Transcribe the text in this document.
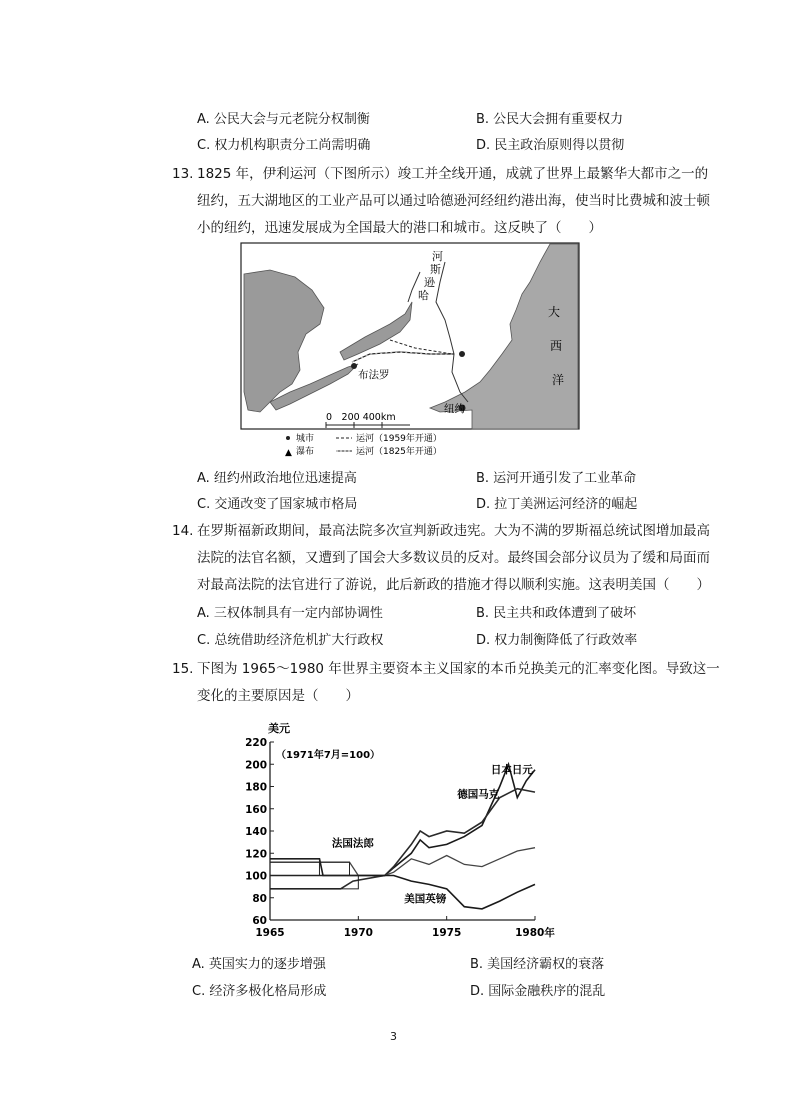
A. 公民大会与元老院分权制衡	B. 公民大会拥有重要权力
C. 权力机构职责分工尚需明确	D. 民主政治原则得以贯彻
13. 1825 年，伊利运河（下图所示）竣工并全线开通，成就了世界上最繁华大都市之一的
纽约，五大湖地区的工业产品可以通过哈德逊河经纽约港出海，使当时比费城和波士顿
小的纽约，迅速发展成为全国最大的港口和城市。这反映了（　　）
河
斯
逊
哈
大
西
洋
布法罗
纽约
0　200 400km
城市
▲ 瀑布
运河（1959年开通）
运河（1825年开通）
A. 纽约州政治地位迅速提高	B. 运河开通引发了工业革命
C. 交通改变了国家城市格局	D. 拉丁美洲运河经济的崛起
14. 在罗斯福新政期间，最高法院多次宣判新政违宪。大为不满的罗斯福总统试图增加最高
法院的法官名额，又遭到了国会大多数议员的反对。最终国会部分议员为了缓和局面而
对最高法院的法官进行了游说，此后新政的措施才得以顺利实施。这表明美国（　　）
A. 三权体制具有一定内部协调性	B. 民主共和政体遭到了破坏
C. 总统借助经济危机扩大行政权	D. 权力制衡降低了行政效率
15. 下图为 1965～1980 年世界主要资本主义国家的本币兑换美元的汇率变化图。导致这一
变化的主要原因是（　　）
220
200
180
160
140
120
100
80
60
1965	1970	1975	1980年
美元
（1971年7月=100）
日本日元
德国马克
法国法郎
美国英镑
A. 英国实力的逐步增强	B. 美国经济霸权的衰落
C. 经济多极化格局形成	D. 国际金融秩序的混乱
3
